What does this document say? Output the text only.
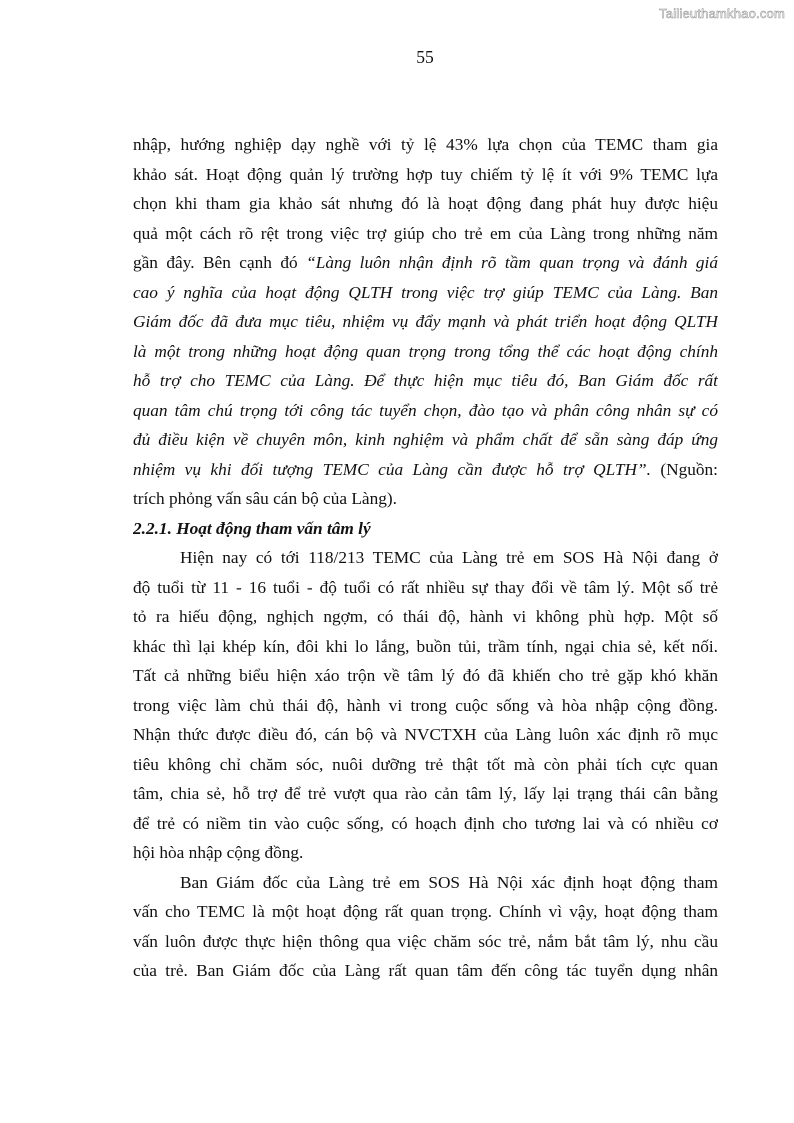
Tailieuthamkhao.com
55
nhập, hướng nghiệp dạy nghề với tỷ lệ 43% lựa chọn của TEMC tham gia
khảo sát. Hoạt động quản lý trường hợp tuy chiếm tỷ lệ ít với 9% TEMC lựa
chọn khi tham gia khảo sát nhưng đó là hoạt động đang phát huy được hiệu
quả một cách rõ rệt trong việc trợ giúp cho trẻ em của Làng trong những năm
gần đây. Bên cạnh đó “Làng luôn nhận định rõ tầm quan trọng và đánh giá
cao ý nghĩa của hoạt động QLTH trong việc trợ giúp TEMC của Làng. Ban
Giám đốc đã đưa mục tiêu, nhiệm vụ đẩy mạnh và phát triển hoạt động QLTH
là một trong những hoạt động quan trọng trong tổng thể các hoạt động chính
hỗ trợ cho TEMC của Làng. Để thực hiện mục tiêu đó, Ban Giám đốc rất
quan tâm chú trọng tới công tác tuyển chọn, đào tạo và phân công nhân sự có
đủ điều kiện về chuyên môn, kinh nghiệm và phẩm chất để sẵn sàng đáp ứng
nhiệm vụ khi đối tượng TEMC của Làng cần được hỗ trợ QLTH”. (Nguồn:
trích phỏng vấn sâu cán bộ của Làng).
2.2.1. Hoạt động tham vấn tâm lý
Hiện nay có tới 118/213 TEMC của Làng trẻ em SOS Hà Nội đang ở
độ tuổi từ 11 - 16 tuổi - độ tuổi có rất nhiều sự thay đổi về tâm lý. Một số trẻ
tỏ ra hiếu động, nghịch ngợm, có thái độ, hành vi không phù hợp. Một số
khác thì lại khép kín, đôi khi lo lắng, buồn tủi, trầm tính, ngại chia sẻ, kết nối.
Tất cả những biểu hiện xáo trộn về tâm lý đó đã khiến cho trẻ gặp khó khăn
trong việc làm chủ thái độ, hành vi trong cuộc sống và hòa nhập cộng đồng.
Nhận thức được điều đó, cán bộ và NVCTXH của Làng luôn xác định rõ mục
tiêu không chỉ chăm sóc, nuôi dưỡng trẻ thật tốt mà còn phải tích cực quan
tâm, chia sẻ, hỗ trợ để trẻ vượt qua rào cản tâm lý, lấy lại trạng thái cân bằng
để trẻ có niềm tin vào cuộc sống, có hoạch định cho tương lai và có nhiều cơ
hội hòa nhập cộng đồng.
Ban Giám đốc của Làng trẻ em SOS Hà Nội xác định hoạt động tham
vấn cho TEMC là một hoạt động rất quan trọng. Chính vì vậy, hoạt động tham
vấn luôn được thực hiện thông qua việc chăm sóc trẻ, nắm bắt tâm lý, nhu cầu
của trẻ. Ban Giám đốc của Làng rất quan tâm đến công tác tuyển dụng nhân
